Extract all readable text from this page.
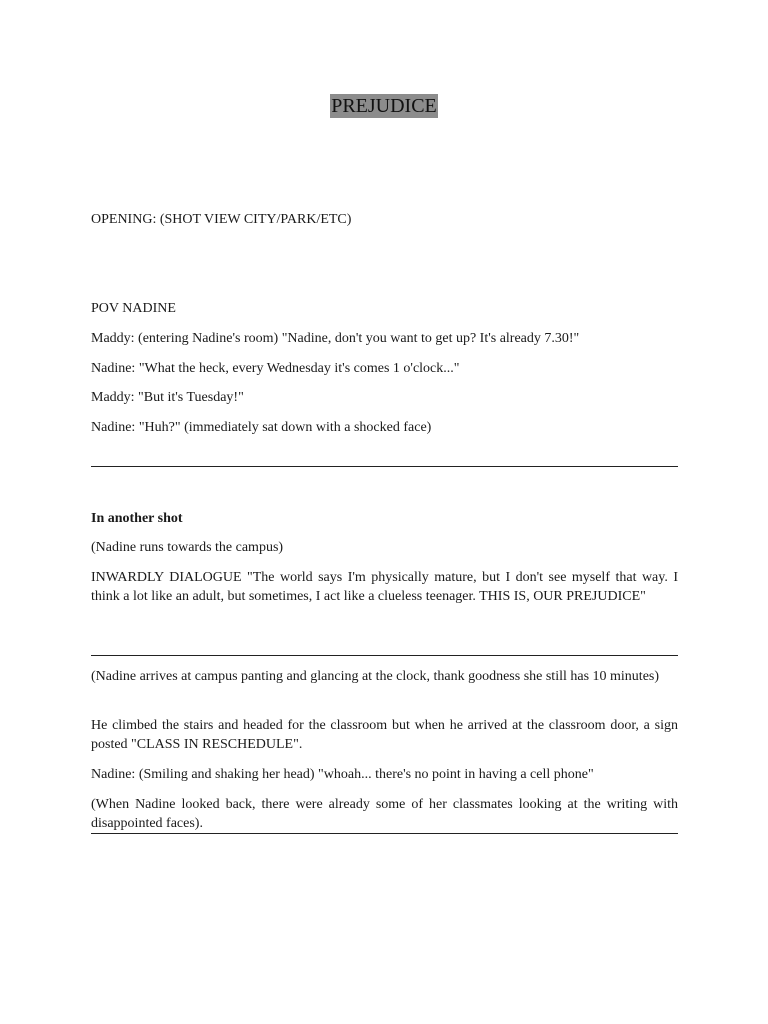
PREJUDICE

OPENING: (SHOT VIEW CITY/PARK/ETC)

POV NADINE

Maddy: (entering Nadine's room) "Nadine, don't you want to get up? It's already 7.30!"

Nadine: "What the heck, every Wednesday it's comes 1 o'clock..."

Maddy: "But it's Tuesday!"

Nadine: "Huh?" (immediately sat down with a shocked face)

In another shot

(Nadine runs towards the campus)

INWARDLY DIALOGUE "The world says I'm physically mature, but I don't see myself that way. I think a lot like an adult, but sometimes, I act like a clueless teenager. THIS IS, OUR PREJUDICE"

(Nadine arrives at campus panting and glancing at the clock, thank goodness she still has 10 minutes)

He climbed the stairs and headed for the classroom but when he arrived at the classroom door, a sign posted "CLASS IN RESCHEDULE".

Nadine: (Smiling and shaking her head) "whoah... there's no point in having a cell phone"

(When Nadine looked back, there were already some of her classmates looking at the writing with disappointed faces).
